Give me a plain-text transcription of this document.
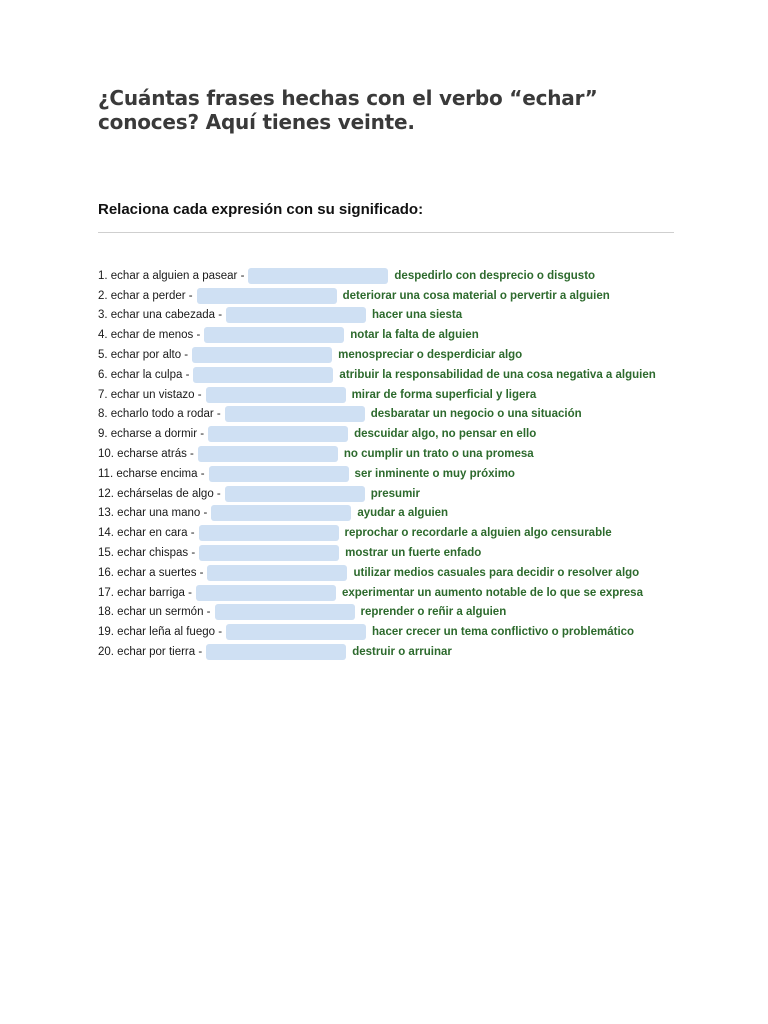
¿Cuántas frases hechas con el verbo “echar” conoces? Aquí tienes veinte.
Relaciona cada expresión con su significado:
1. echar a alguien a pasear -	despedirlo con desprecio o disgusto
2. echar a perder -	deteriorar una cosa material o pervertir a alguien
3. echar una cabezada -	hacer una siesta
4. echar de menos -	notar la falta de alguien
5. echar por alto -	menospreciar o desperdiciar algo
6. echar la culpa -	atribuir la responsabilidad de una cosa negativa a alguien
7. echar un vistazo -	mirar de forma superficial y ligera
8. echarlo todo a rodar -	desbaratar un negocio o una situación
9. echarse a dormir -	descuidar algo, no pensar en ello
10. echarse atrás -	no cumplir un trato o una promesa
11. echarse encima -	ser inminente o muy próximo
12. echárselas de algo -	presumir
13. echar una mano -	ayudar a alguien
14. echar en cara -	reprochar o recordarle a alguien algo censurable
15. echar chispas -	mostrar un fuerte enfado
16. echar a suertes -	utilizar medios casuales para decidir o resolver algo
17. echar barriga -	experimentar un aumento notable de lo que se expresa
18. echar un sermón -	reprender o reñir a alguien
19. echar leña al fuego -	hacer crecer un tema conflictivo o problemático
20. echar por tierra -	destruir o arruinar
